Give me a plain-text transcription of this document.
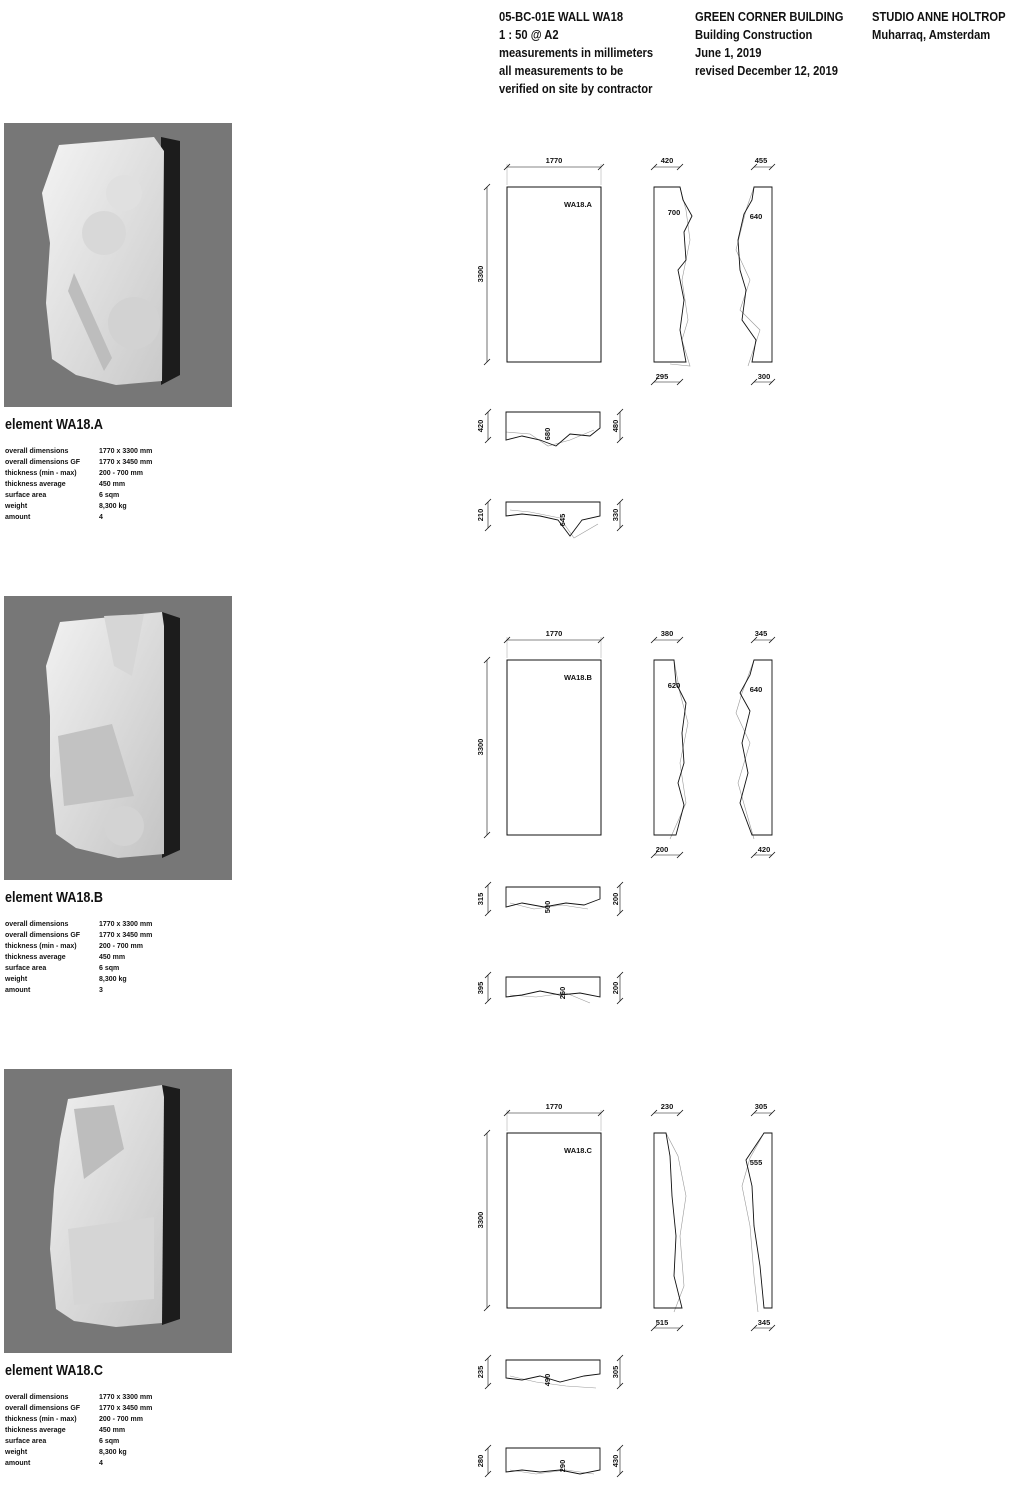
05-BC-01E WALL WA18
1 : 50 @ A2
measurements in millimeters
all measurements to be
verified on site by contractor
GREEN CORNER BUILDING
Building Construction
June 1, 2019
revised December 12, 2019
STUDIO ANNE HOLTROP
Muharraq, Amsterdam
element WA18.A
overall dimensions	1770 x 3300 mm
overall dimensions GF	1770 x 3450 mm
thickness (min - max)	200 - 700 mm
thickness average	450 mm
surface area	6 sqm
weight	8,300 kg
amount	4
element WA18.B
overall dimensions	1770 x 3300 mm
overall dimensions GF	1770 x 3450 mm
thickness (min - max)	200 - 700 mm
thickness average	450 mm
surface area	6 sqm
weight	8,300 kg
amount	3
element WA18.C
overall dimensions	1770 x 3300 mm
overall dimensions GF	1770 x 3450 mm
thickness (min - max)	200 - 700 mm
thickness average	450 mm
surface area	6 sqm
weight	8,300 kg
amount	4
WA18.A
1770
3300
420
700
295
455
640
300
420
680
480
210	645	330
WA18.B
1770
3300
380
620
200
345
640
420
315
500
200
395	260	200
WA18.C
1770
3300
230
515
305
555
345
235
490
305
280	290	430
